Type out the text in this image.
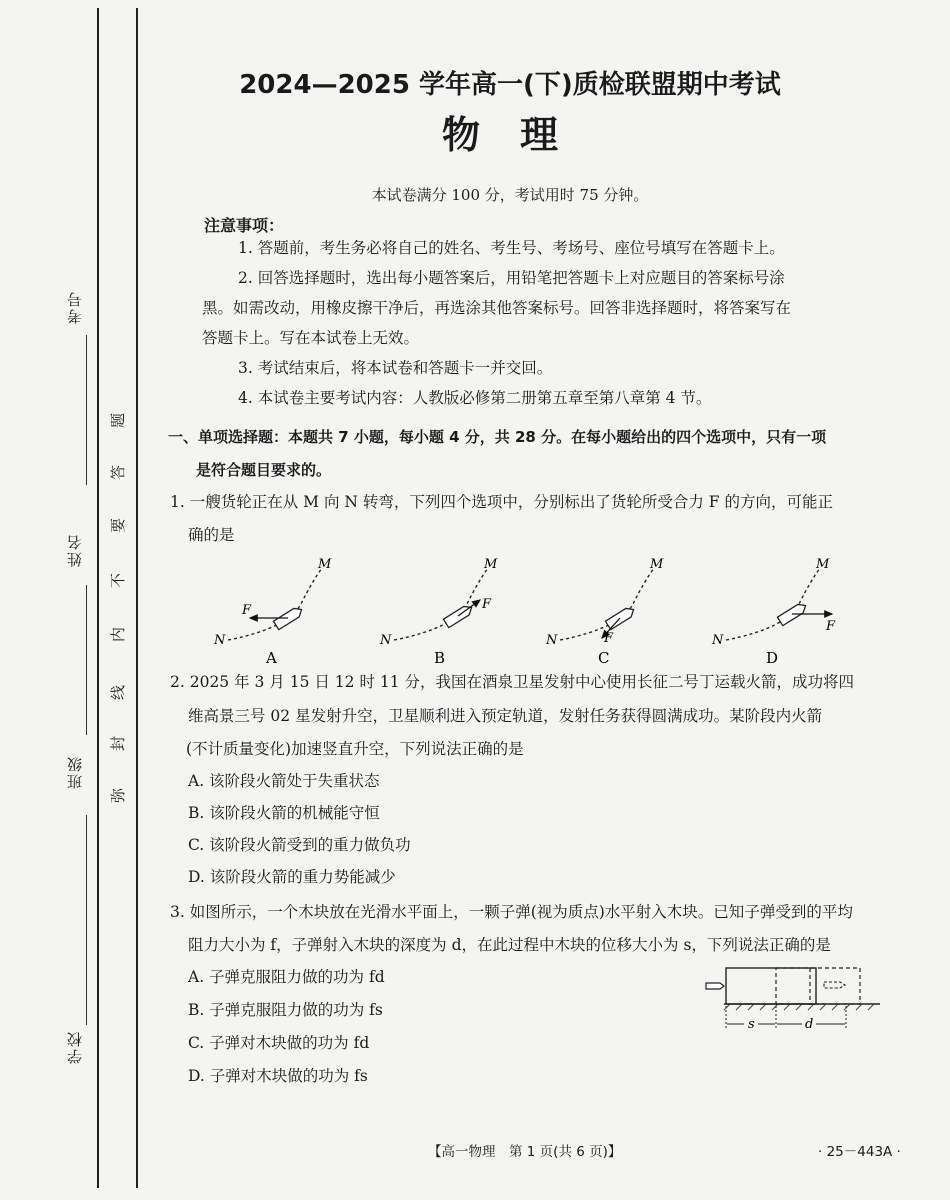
考号
姓名
班级
学校
题
答
要
不
内
线
封
弥
2024—2025 学年高一(下)质检联盟期中考试
物理
本试卷满分 100 分，考试用时 75 分钟。
注意事项：
1. 答题前，考生务必将自己的姓名、考生号、考场号、座位号填写在答题卡上。
2. 回答选择题时，选出每小题答案后，用铅笔把答题卡上对应题目的答案标号涂
黑。如需改动，用橡皮擦干净后，再选涂其他答案标号。回答非选择题时，将答案写在
答题卡上。写在本试卷上无效。
3. 考试结束后，将本试卷和答题卡一并交回。
4. 本试卷主要考试内容：人教版必修第二册第五章至第八章第 4 节。
一、单项选择题：本题共 7 小题，每小题 4 分，共 28 分。在每小题给出的四个选项中，只有一项
是符合题目要求的。
1. 一艘货轮正在从 M 向 N 转弯，下列四个选项中，分别标出了货轮所受合力 F 的方向，可能正
确的是
F
M
N
A
F
M
N
B
F
M
N
C
F
M
N
D
2. 2025 年 3 月 15 日 12 时 11 分，我国在酒泉卫星发射中心使用长征二号丁运载火箭，成功将四
维高景三号 02 星发射升空，卫星顺利进入预定轨道，发射任务获得圆满成功。某阶段内火箭
(不计质量变化)加速竖直升空，下列说法正确的是
A. 该阶段火箭处于失重状态
B. 该阶段火箭的机械能守恒
C. 该阶段火箭受到的重力做负功
D. 该阶段火箭的重力势能减少
3. 如图所示，一个木块放在光滑水平面上，一颗子弹(视为质点)水平射入木块。已知子弹受到的平均
阻力大小为 f，子弹射入木块的深度为 d，在此过程中木块的位移大小为 s，下列说法正确的是
A. 子弹克服阻力做的功为 fd
B. 子弹克服阻力做的功为 fs
C. 子弹对木块做的功为 fd
D. 子弹对木块做的功为 fs
s	d
【高一物理　第 1 页(共 6 页)】	· 25－443A ·
